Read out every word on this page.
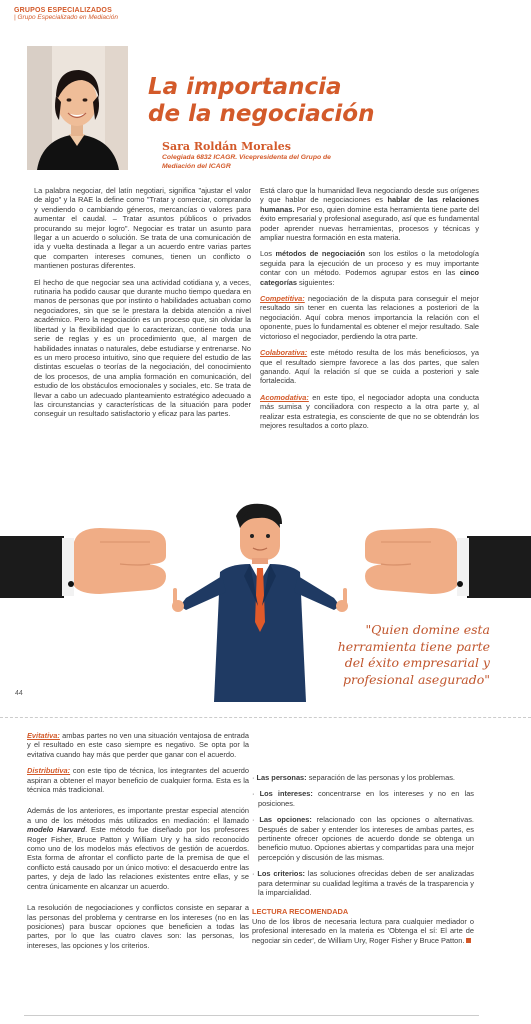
GRUPOS ESPECIALIZADOS
| Grupo Especializado en Mediación
La importancia
de la negociación
Sara Roldán Morales
Colegiada 6832 ICAGR. Vicepresidenta del Grupo de
Mediación del ICAGR

La palabra negociar, del latín negotiari, significa "ajustar el valor de algo" y la RAE la define como "Tratar y comerciar, comprando y vendiendo o cambiando géneros, mercancías o valores para aumentar el caudal. – Tratar asuntos públicos o privados procurando su mejor logro". Negociar es tratar un asunto para llegar a un acuerdo o solución. Se trata de una comunicación de ida y vuelta destinada a llegar a un acuerdo entre varias partes que comparten intereses comunes, tienen un conflicto o mantienen posturas diferentes.

El hecho de que negociar sea una actividad cotidiana y, a veces, rutinaria ha podido causar que durante mucho tiempo quedara en manos de personas que por instinto o habilidades actuaban como negociadores, sin que se le prestara la debida atención a nivel académico. Pero la negociación es un proceso que, sin olvidar la libertad y la flexibilidad que lo caracterizan, contiene toda una serie de reglas y es un procedimiento que, al margen de habilidades innatas o naturales, debe estudiarse y entrenarse. No es un mero proceso intuitivo, sino que requiere del estudio de las distintas escuelas o teorías de la negociación, del conocimiento de los procesos, de una amplia formación en comunicación, del estudio de los obstáculos emocionales y sociales, etc. Se trata de llevar a cabo un adecuado planteamiento estratégico adecuado a las circunstancias y características de la situación para poder conseguir un resultado satisfactorio y eficaz para las partes.

Está claro que la humanidad lleva negociando desde sus orígenes y que hablar de negociaciones es hablar de las relaciones humanas. Por eso, quien domine esta herramienta tiene parte del éxito empresarial y profesional asegurado, así que es fundamental poder aprender nuevas herramientas, procesos y técnicas y ampliar nuestra formación en esta materia.

Los métodos de negociación son los estilos o la metodología seguida para la ejecución de un proceso y es muy importante contar con un método. Podemos agrupar estos en las cinco categorías siguientes:

Competitiva: negociación de la disputa para conseguir el mejor resultado sin tener en cuenta las relaciones a posteriori de la negociación. Aquí cobra menos importancia la relación con el oponente, pues lo fundamental es obtener el mejor resultado. Sale victorioso el negociador, perdiendo la otra parte.

Colaborativa: este método resulta de los más beneficiosos, ya que el resultado siempre favorece a las dos partes, que salen ganando. Aquí la relación sí que se cuida a posteriori y sale fortalecida.

Acomodativa: en este tipo, el negociador adopta una conducta más sumisa y conciliadora con respecto a la otra parte y, al realizar esta estrategia, es consciente de que no se obtendrán los mejores resultados a corto plazo.

"Quien domine esta
herramienta tiene parte
del éxito empresarial y
profesional asegurado"
44

Evitativa: ambas partes no ven una situación ventajosa de entrada y el resultado en este caso siempre es negativo. Se opta por la evitativa cuando hay más que perder que ganar con el acuerdo.

Distributiva: con este tipo de técnica, los integrantes del acuerdo aspiran a obtener el mayor beneficio de cualquier forma. Esta es la técnica más tradicional.

Además de los anteriores, es importante prestar especial atención a uno de los métodos más utilizados en mediación: el llamado modelo Harvard. Este método fue diseñado por los profesores Roger Fisher, Bruce Patton y William Ury y ha sido reconocido como uno de los modelos más efectivos de gestión de acuerdos. Esta forma de afrontar el conflicto parte de la premisa de que el conflicto está causado por un único motivo: el desacuerdo entre las partes, y deja de lado las relaciones existentes entre ellas, y se centra únicamente en alcanzar un acuerdo.

La resolución de negociaciones y conflictos consiste en separar a las personas del problema y centrarse en los intereses (no en las posiciones) para buscar opciones que beneficien a todas las partes, por lo que las cuatro claves son: las personas, los intereses, las opciones y los criterios.

· Las personas: separación de las personas y los problemas.

· Los intereses: concentrarse en los intereses y no en las posiciones.

· Las opciones: relacionado con las opciones o alternativas. Después de saber y entender los intereses de ambas partes, es pertinente ofrecer opciones de acuerdo donde se obtenga un beneficio mutuo. Opciones abiertas y compartidas para una mejor percepción y discusión de las mismas.

· Los criterios: las soluciones ofrecidas deben de ser analizadas para determinar su cualidad legítima a través de la trasparencia y la imparcialidad.

LECTURA RECOMENDADA

Uno de los libros de necesaria lectura para cualquier mediador o profesional interesado en la materia es 'Obtenga el sí: El arte de negociar sin ceder', de William Ury, Roger Fisher y Bruce Patton.
